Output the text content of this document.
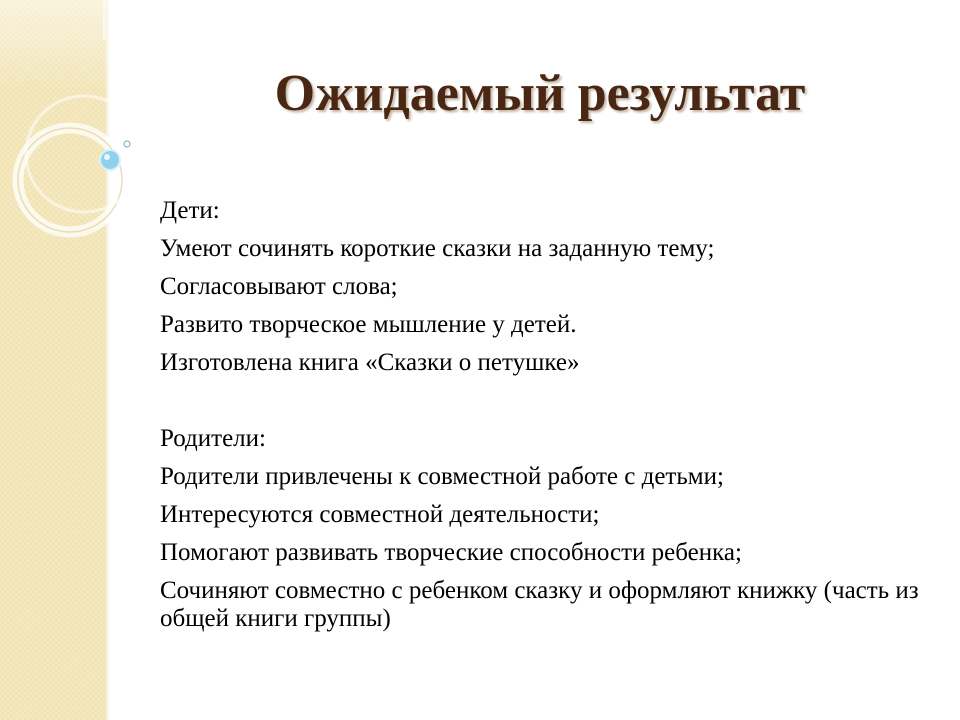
Ожидаемый результат

Дети:

Умеют сочинять короткие сказки на заданную тему;

Согласовывают слова;

Развито творческое мышление у детей.

Изготовлена книга «Сказки о петушке»

Родители:

Родители привлечены к совместной работе с детьми;

Интересуются совместной деятельности;

Помогают развивать творческие способности ребенка;

Сочиняют совместно с ребенком сказку и оформляют книжку (часть из общей книги группы)
